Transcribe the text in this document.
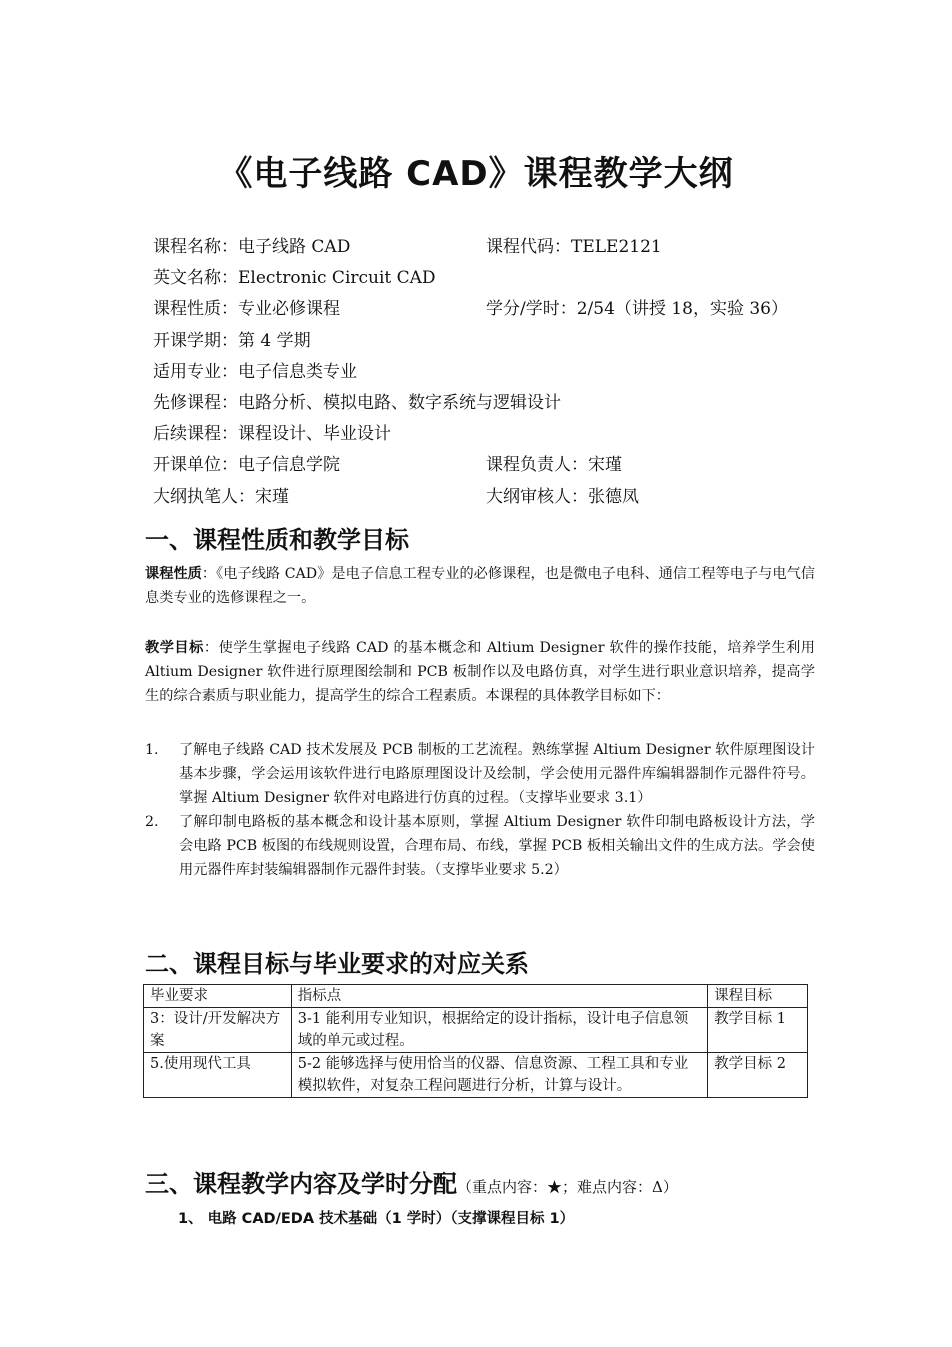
《电子线路 CAD》课程教学大纲
课程名称：电子线路 CAD	课程代码：TELE2121
英文名称：Electronic Circuit CAD
课程性质：专业必修课程	学分/学时：2/54（讲授 18，实验 36）
开课学期：第 4 学期
适用专业：电子信息类专业
先修课程：电路分析、模拟电路、数字系统与逻辑设计
后续课程：课程设计、毕业设计
开课单位：电子信息学院	课程负责人：宋瑾
大纲执笔人：宋瑾	大纲审核人：张德凤
一、课程性质和教学目标
课程性质：《电子线路 CAD》是电子信息工程专业的必修课程，也是微电子电科、通信工程等电子与电气信息类专业的选修课程之一。
教学目标：使学生掌握电子线路 CAD 的基本概念和 Altium Designer 软件的操作技能，培养学生利用 Altium Designer 软件进行原理图绘制和 PCB 板制作以及电路仿真，对学生进行职业意识培养，提高学生的综合素质与职业能力，提高学生的综合工程素质。本课程的具体教学目标如下：
1. 了解电子线路 CAD 技术发展及 PCB 制板的工艺流程。熟练掌握 Altium Designer 软件原理图设计基本步骤，学会运用该软件进行电路原理图设计及绘制，学会使用元器件库编辑器制作元器件符号。掌握 Altium Designer 软件对电路进行仿真的过程。（支撑毕业要求 3.1）
2. 了解印制电路板的基本概念和设计基本原则，掌握 Altium Designer 软件印制电路板设计方法，学会电路 PCB 板图的布线规则设置，合理布局、布线，掌握 PCB 板相关输出文件的生成方法。学会使用元器件库封装编辑器制作元器件封装。（支撑毕业要求 5.2）
二、课程目标与毕业要求的对应关系
毕业要求	指标点	课程目标
3：设计/开发解决方案	3-1 能利用专业知识，根据给定的设计指标，设计电子信息领域的单元或过程。	教学目标 1
5.使用现代工具	5-2 能够选择与使用恰当的仪器、信息资源、工程工具和专业模拟软件，对复杂工程问题进行分析，计算与设计。	教学目标 2
三、课程教学内容及学时分配（重点内容：★；难点内容：Δ）
1、 电路 CAD/EDA 技术基础（1 学时）（支撑课程目标 1）
